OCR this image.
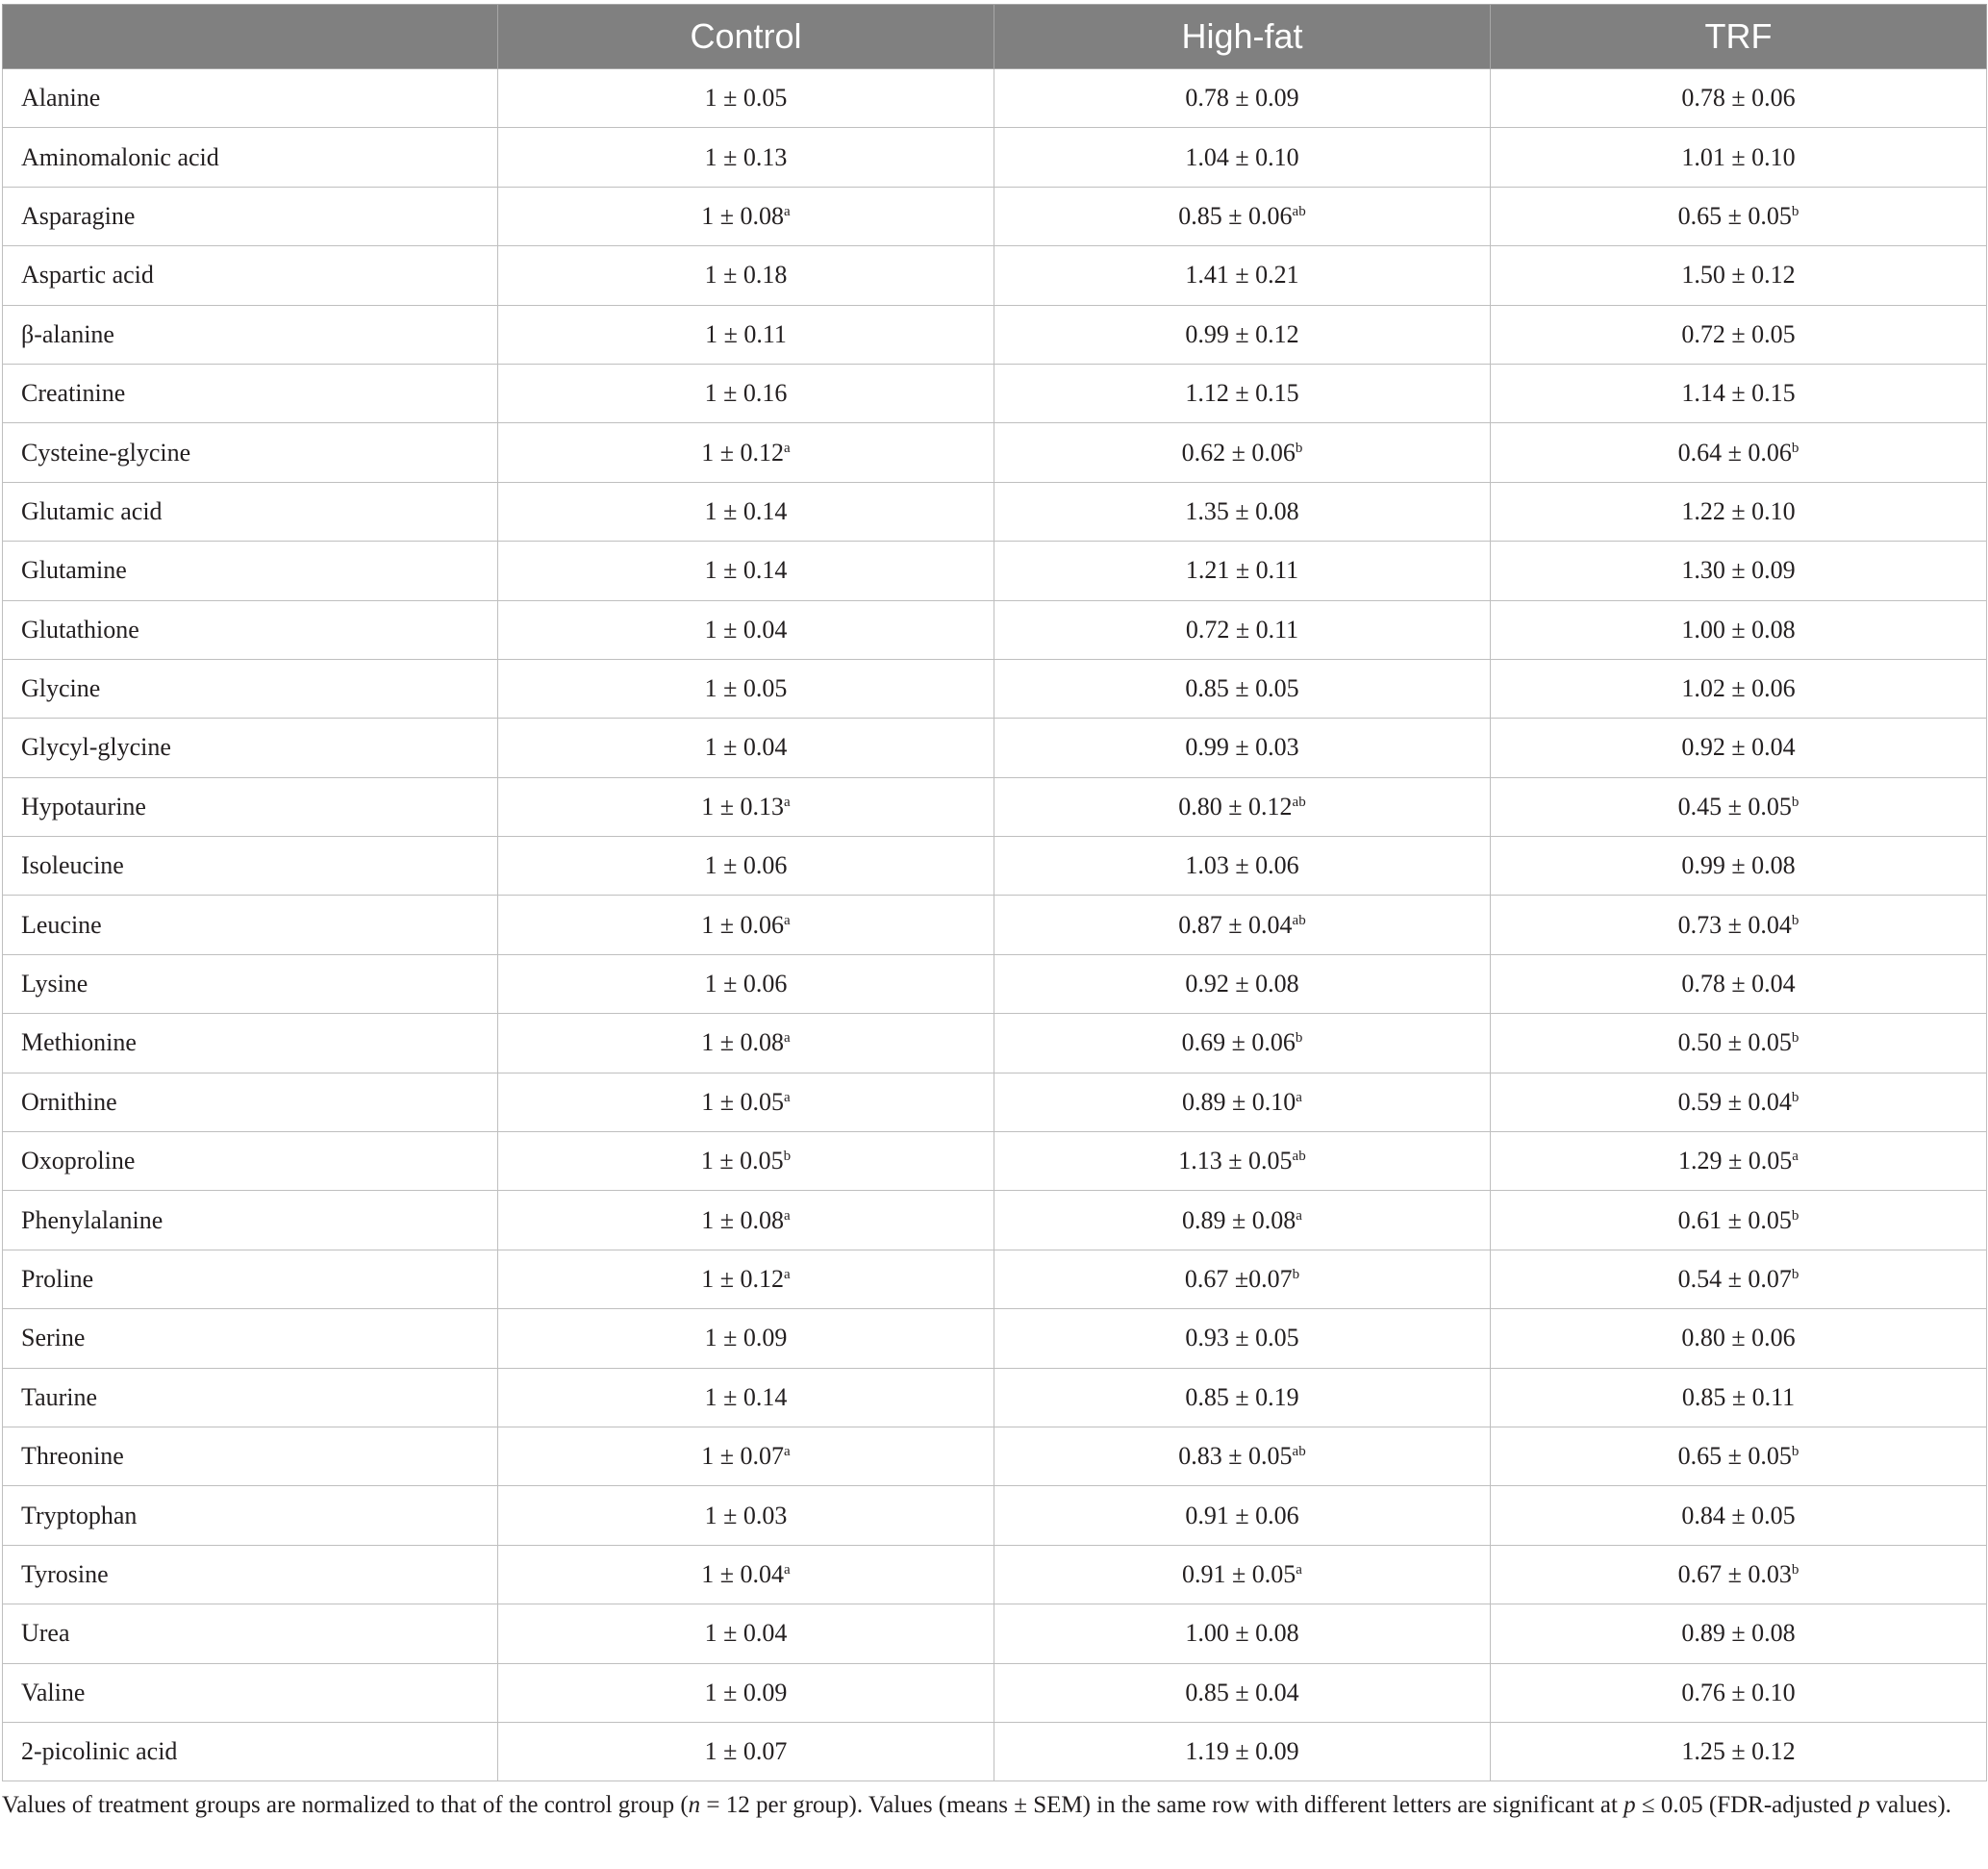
	Control	High-fat	TRF
Alanine	1 ± 0.05	0.78 ± 0.09	0.78 ± 0.06
Aminomalonic acid	1 ± 0.13	1.04 ± 0.10	1.01 ± 0.10
Asparagine	1 ± 0.08$^a$	0.85 ± 0.06$^{ab}$	0.65 ± 0.05$^b$
Aspartic acid	1 ± 0.18	1.41 ± 0.21	1.50 ± 0.12
β-alanine	1 ± 0.11	0.99 ± 0.12	0.72 ± 0.05
Creatinine	1 ± 0.16	1.12 ± 0.15	1.14 ± 0.15
Cysteine-glycine	1 ± 0.12$^a$	0.62 ± 0.06$^b$	0.64 ± 0.06$^b$
Glutamic acid	1 ± 0.14	1.35 ± 0.08	1.22 ± 0.10
Glutamine	1 ± 0.14	1.21 ± 0.11	1.30 ± 0.09
Glutathione	1 ± 0.04	0.72 ± 0.11	1.00 ± 0.08
Glycine	1 ± 0.05	0.85 ± 0.05	1.02 ± 0.06
Glycyl-glycine	1 ± 0.04	0.99 ± 0.03	0.92 ± 0.04
Hypotaurine	1 ± 0.13$^a$	0.80 ± 0.12$^{ab}$	0.45 ± 0.05$^b$
Isoleucine	1 ± 0.06	1.03 ± 0.06	0.99 ± 0.08
Leucine	1 ± 0.06$^a$	0.87 ± 0.04$^{ab}$	0.73 ± 0.04$^b$
Lysine	1 ± 0.06	0.92 ± 0.08	0.78 ± 0.04
Methionine	1 ± 0.08$^a$	0.69 ± 0.06$^b$	0.50 ± 0.05$^b$
Ornithine	1 ± 0.05$^a$	0.89 ± 0.10$^a$	0.59 ± 0.04$^b$
Oxoproline	1 ± 0.05$^b$	1.13 ± 0.05$^{ab}$	1.29 ± 0.05$^a$
Phenylalanine	1 ± 0.08$^a$	0.89 ± 0.08$^a$	0.61 ± 0.05$^b$
Proline	1 ± 0.12$^a$	0.67 ±0.07$^b$	0.54 ± 0.07$^b$
Serine	1 ± 0.09	0.93 ± 0.05	0.80 ± 0.06
Taurine	1 ± 0.14	0.85 ± 0.19	0.85 ± 0.11
Threonine	1 ± 0.07$^a$	0.83 ± 0.05$^{ab}$	0.65 ± 0.05$^b$
Tryptophan	1 ± 0.03	0.91 ± 0.06	0.84 ± 0.05
Tyrosine	1 ± 0.04$^a$	0.91 ± 0.05$^a$	0.67 ± 0.03$^b$
Urea	1 ± 0.04	1.00 ± 0.08	0.89 ± 0.08
Valine	1 ± 0.09	0.85 ± 0.04	0.76 ± 0.10
2-picolinic acid	1 ± 0.07	1.19 ± 0.09	1.25 ± 0.12
Values of treatment groups are normalized to that of the control group (n = 12 per group). Values (means ± SEM) in the same row with different letters are significant at p ≤ 0.05 (FDR-adjusted p values).
